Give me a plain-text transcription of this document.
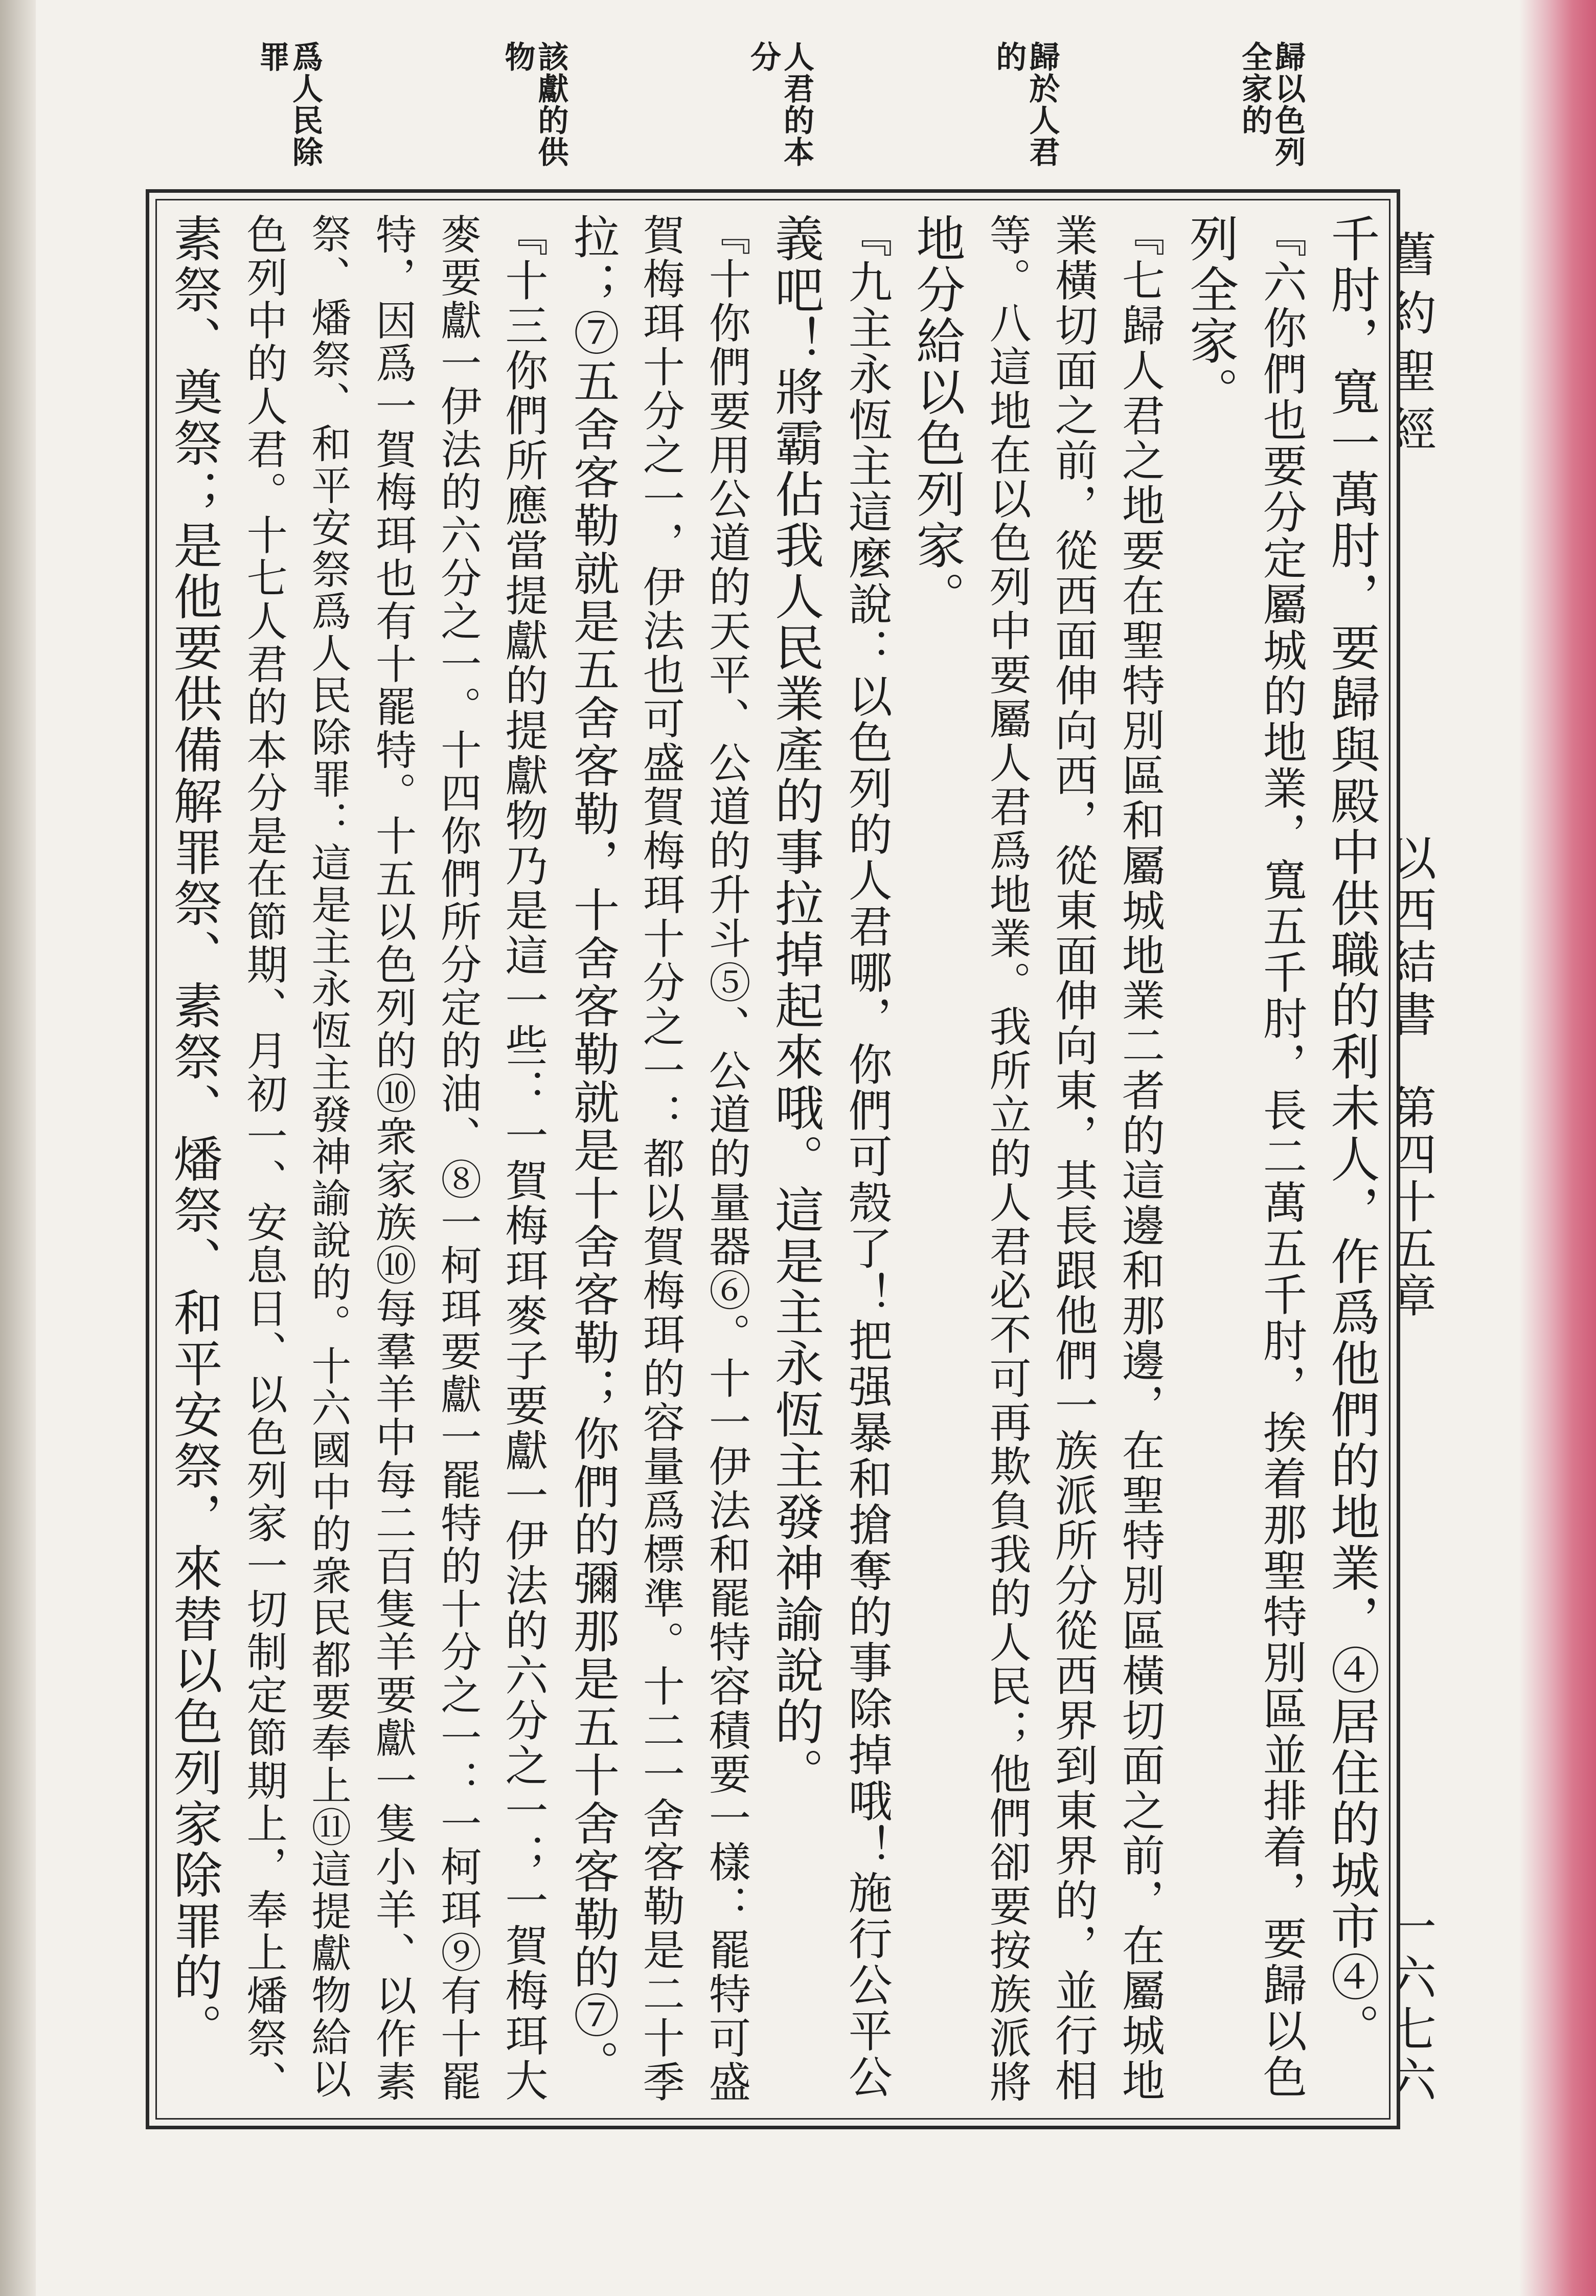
歸以色列
全家的
歸於人君
的
人君的本
分
該獻的供
物
爲人民除
罪
舊約聖經
以西結書
第四十五章
一六七六
千肘，寬一萬肘，要歸與殿中供職的利未人，作爲他們的地業，④居住的城市④。
『六你們也要分定屬城的地業，寬五千肘，長二萬五千肘，挨着那聖特別區並排着，要歸以色
列全家。
『七歸人君之地要在聖特別區和屬城地業二者的這邊和那邊，在聖特別區橫切面之前，在屬城地
業橫切面之前，從西面伸向西，從東面伸向東，其長跟他們一族派所分從西界到東界的，並行相
等。八這地在以色列中要屬人君爲地業。我所立的人君必不可再欺負我的人民；他們卻要按族派將
地分給以色列家。
『九主永恆主這麼說：以色列的人君哪，你們可殼了！把强暴和搶奪的事除掉哦！施行公平公
義吧！將霸佔我人民業產的事拉掉起來哦。這是主永恆主發神諭說的。
『十你們要用公道的天平、公道的升斗⑤、公道的量器⑥。十一伊法和罷特容積要一樣：罷特可盛
賀梅珥十分之一，伊法也可盛賀梅珥十分之一：都以賀梅珥的容量爲標準。十二一舍客勒是二十季
拉；⑦五舍客勒就是五舍客勒，十舍客勒就是十舍客勒；你們的彌那是五十舍客勒的⑦。
『十三你們所應當提獻的提獻物乃是這一些：一賀梅珥麥子要獻一伊法的六分之一；一賀梅珥大
麥要獻一伊法的六分之一。十四你們所分定的油、⑧一柯珥要獻一罷特的十分之一：一柯珥⑨有十罷
特，因爲一賀梅珥也有十罷特。十五以色列的⑩衆家族⑩每羣羊中每二百隻羊要獻一隻小羊、以作素
祭、燔祭、和平安祭爲人民除罪：這是主永恆主發神諭說的。十六國中的衆民都要奉上⑪這提獻物給以
色列中的人君。十七人君的本分是在節期、月初一、安息日、以色列家一切制定節期上，奉上燔祭、
素祭、奠祭；是他要供備解罪祭、素祭、燔祭、和平安祭，來替以色列家除罪的。
